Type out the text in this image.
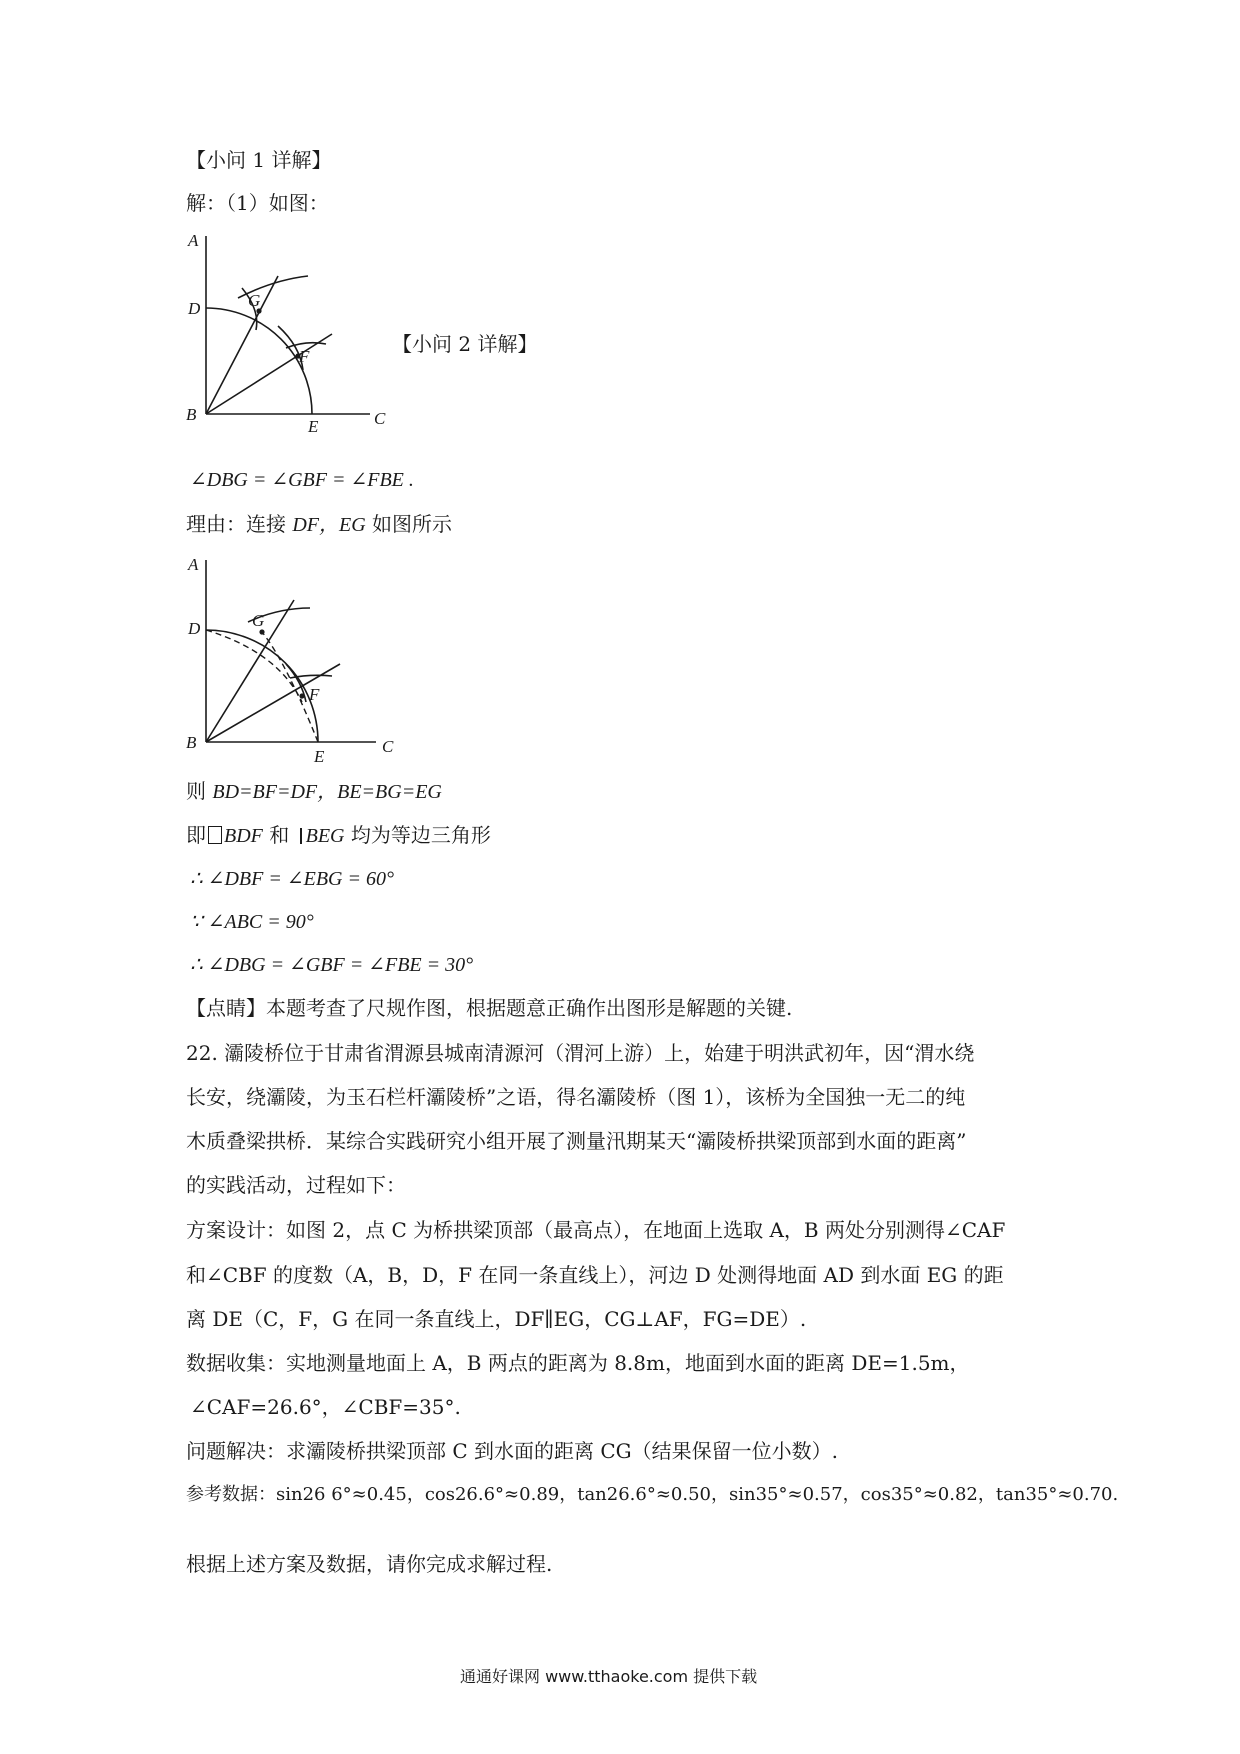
【小问 1 详解】
解：（1）如图：
A
D	G
F
B
E	C
【小问 2 详解】
∠DBG = ∠GBF = ∠FBE .
理由：连接 DF，EG 如图所示
A
D	G
F
B
E
C
则 BD=BF=DF，BE=BG=EG
即 BDF 和 BEG 均为等边三角形
∴ ∠DBF = ∠EBG = 60°
∵ ∠ABC = 90°
∴ ∠DBG = ∠GBF = ∠FBE = 30°
【点睛】本题考查了尺规作图，根据题意正确作出图形是解题的关键.
22. 灞陵桥位于甘肃省渭源县城南清源河（渭河上游）上，始建于明洪武初年，因“渭水绕
长安，绕灞陵，为玉石栏杆灞陵桥”之语，得名灞陵桥（图 1），该桥为全国独一无二的纯
木质叠梁拱桥．某综合实践研究小组开展了测量汛期某天“灞陵桥拱梁顶部到水面的距离”
的实践活动，过程如下：
方案设计：如图 2，点 C 为桥拱梁顶部（最高点），在地面上选取 A，B 两处分别测得∠CAF
和∠CBF 的度数（A，B，D，F 在同一条直线上），河边 D 处测得地面 AD 到水面 EG 的距
离 DE（C，F，G 在同一条直线上，DF∥EG，CG⊥AF，FG=DE）.
数据收集：实地测量地面上 A，B 两点的距离为 8.8m，地面到水面的距离 DE=1.5m，
∠CAF=26.6°，∠CBF=35°.
问题解决：求灞陵桥拱梁顶部 C 到水面的距离 CG（结果保留一位小数）.
参考数据：sin26 6°≈0.45，cos26.6°≈0.89，tan26.6°≈0.50，sin35°≈0.57，cos35°≈0.82，tan35°≈0.70.
根据上述方案及数据，请你完成求解过程.
通通好课网 www.tthaoke.com 提供下载
